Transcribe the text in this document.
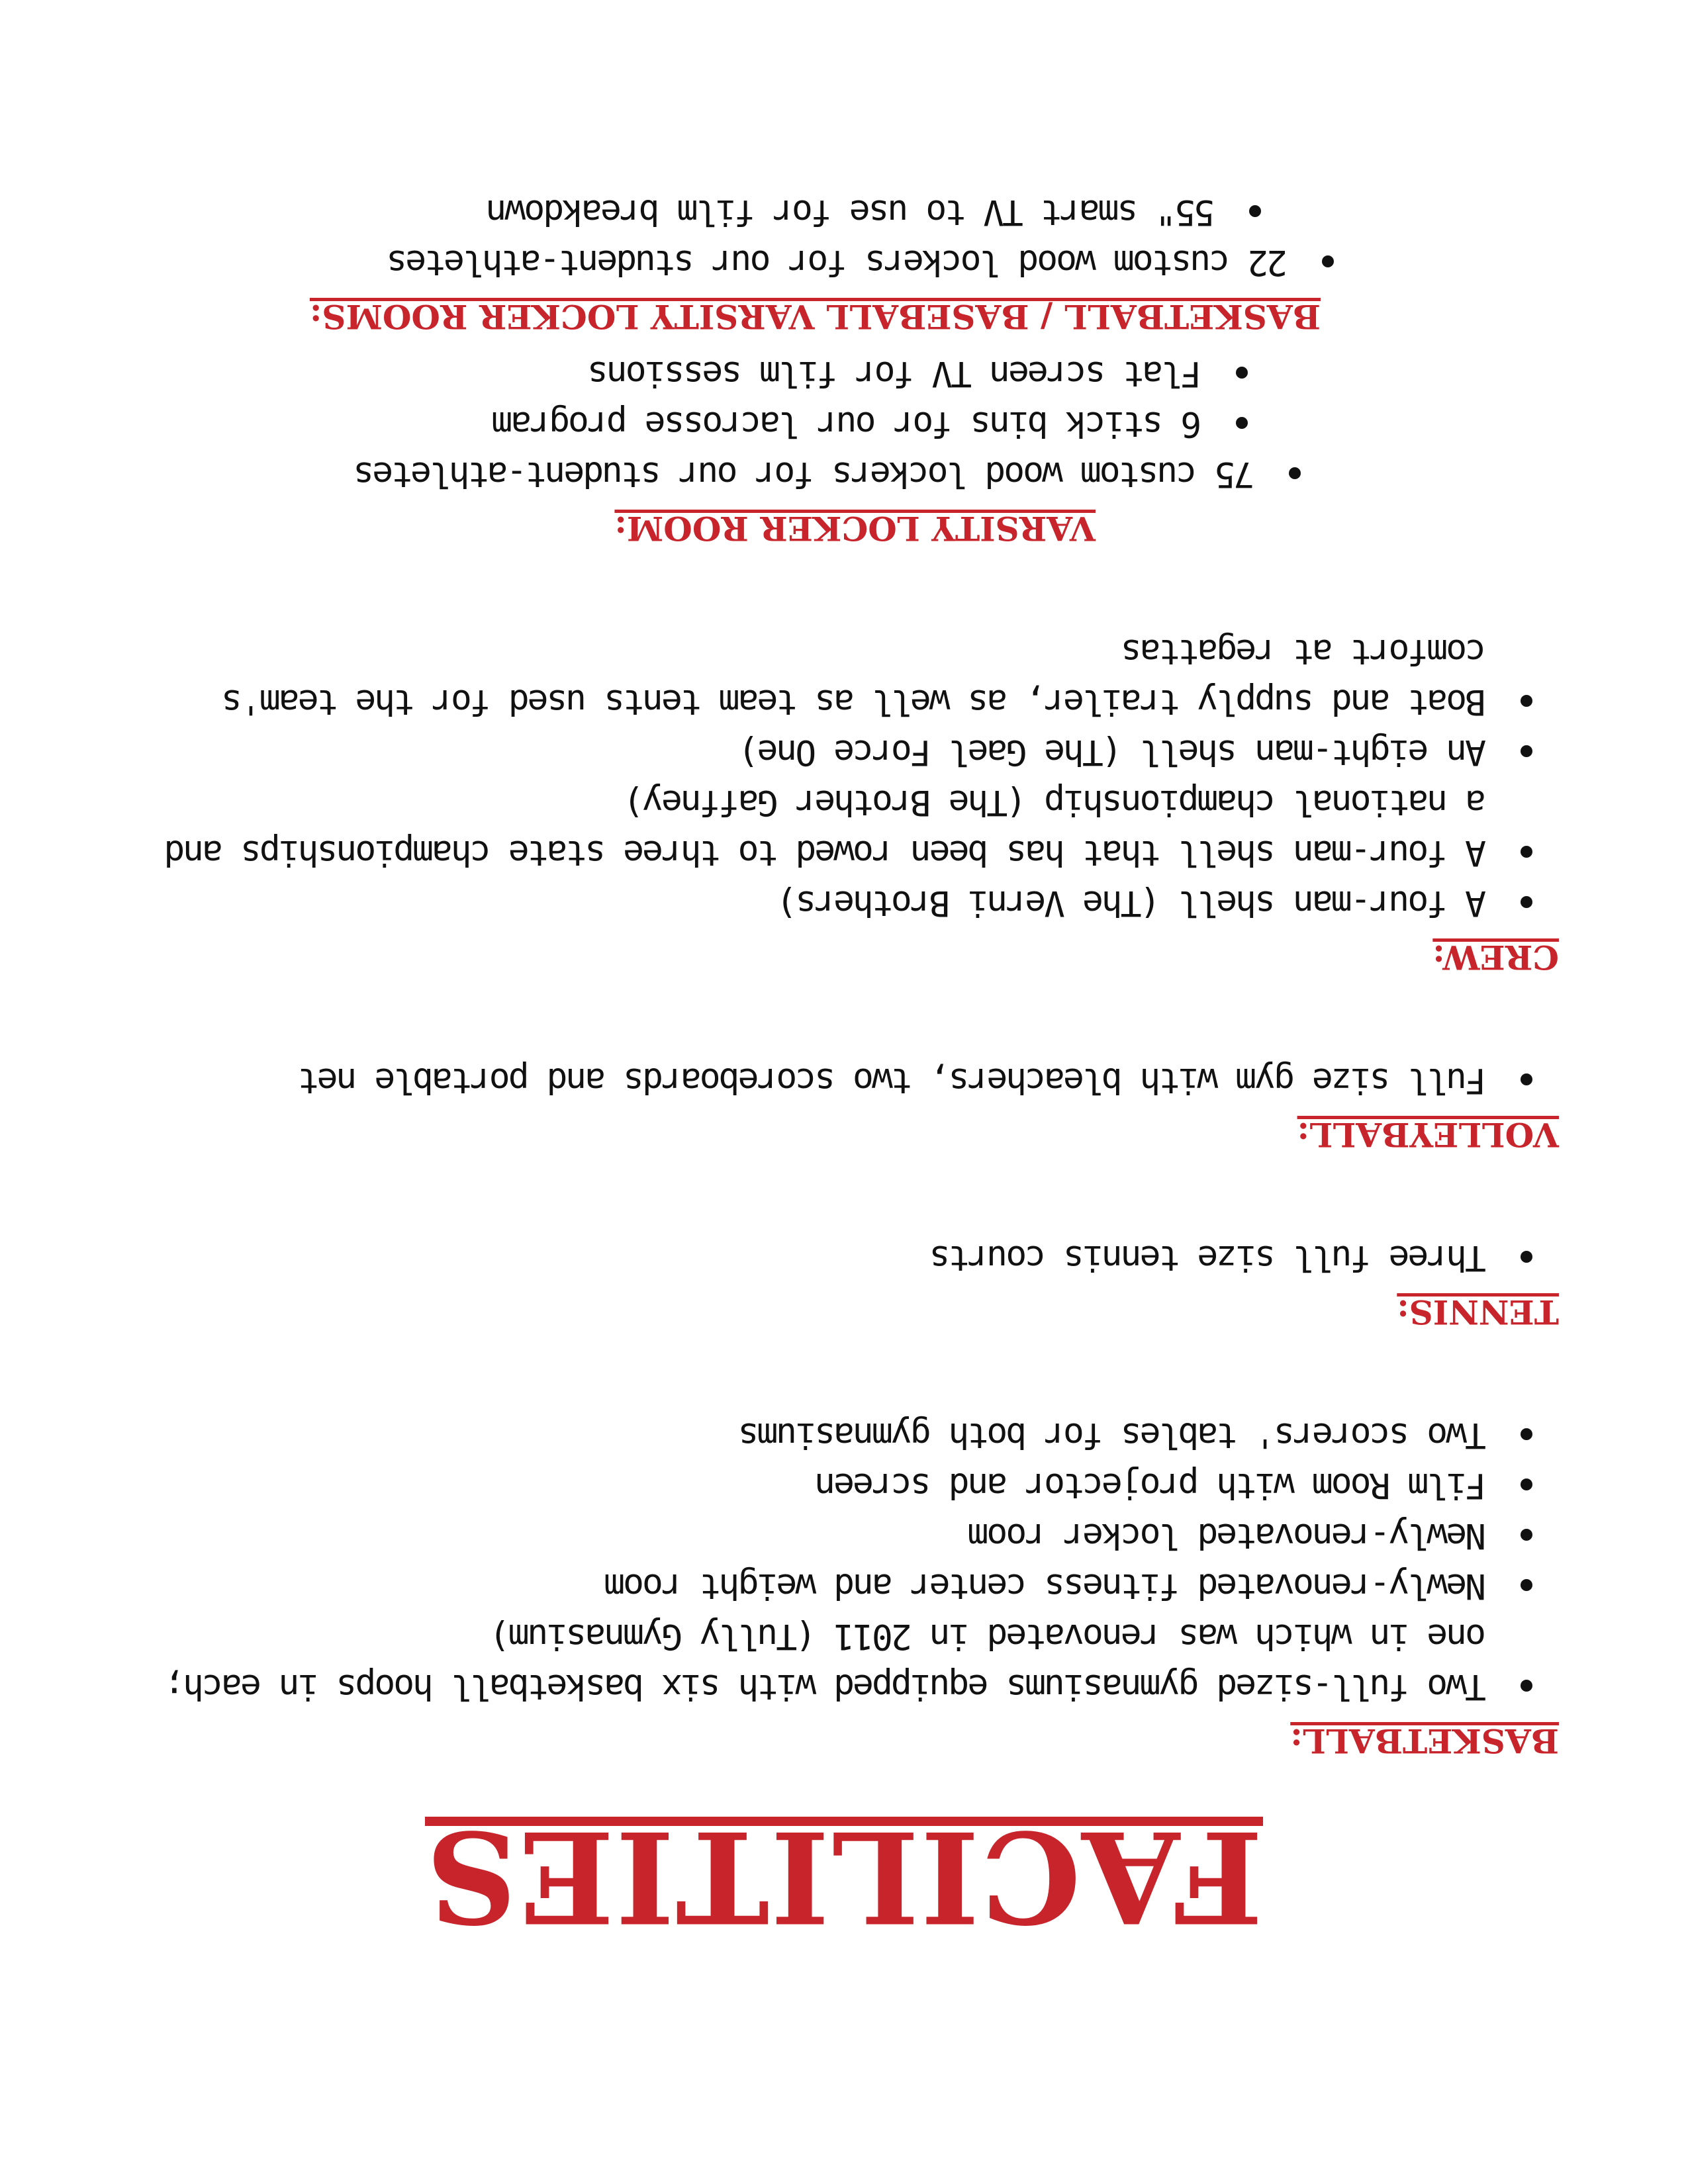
FACILITIES
BASKETBALL:
Two full-sized gymnasiums equipped with six basketball hoops in each; one in which was renovated in 2011 (Tully Gymnasium)
Newly-renovated fitness center and weight room
Newly-renovated locker room
Film Room with projector and screen
Two scorers' tables for both gymnasiums
TENNIS:
Three full size tennis courts
VOLLEYBALL:
Full size gym with bleachers, two scoreboards and portable net
CREW:
A four-man shell (The Verni Brothers)
A four-man shell that has been rowed to three state championships and a national championship (The Brother Gaffney)
An eight-man shell (The Gael Force One)
Boat and supply trailer, as well as team tents used for the team's comfort at regattas
VARSITY LOCKER ROOM:
75 custom wood lockers for our student-athletes
6 stick bins for our lacrosse program
Flat screen TV for film sessions
BASKETBALL / BASEBALL VARSITY LOCKER ROOMS:
22 custom wood lockers for our student-athletes
55" smart TV to use for film breakdown
